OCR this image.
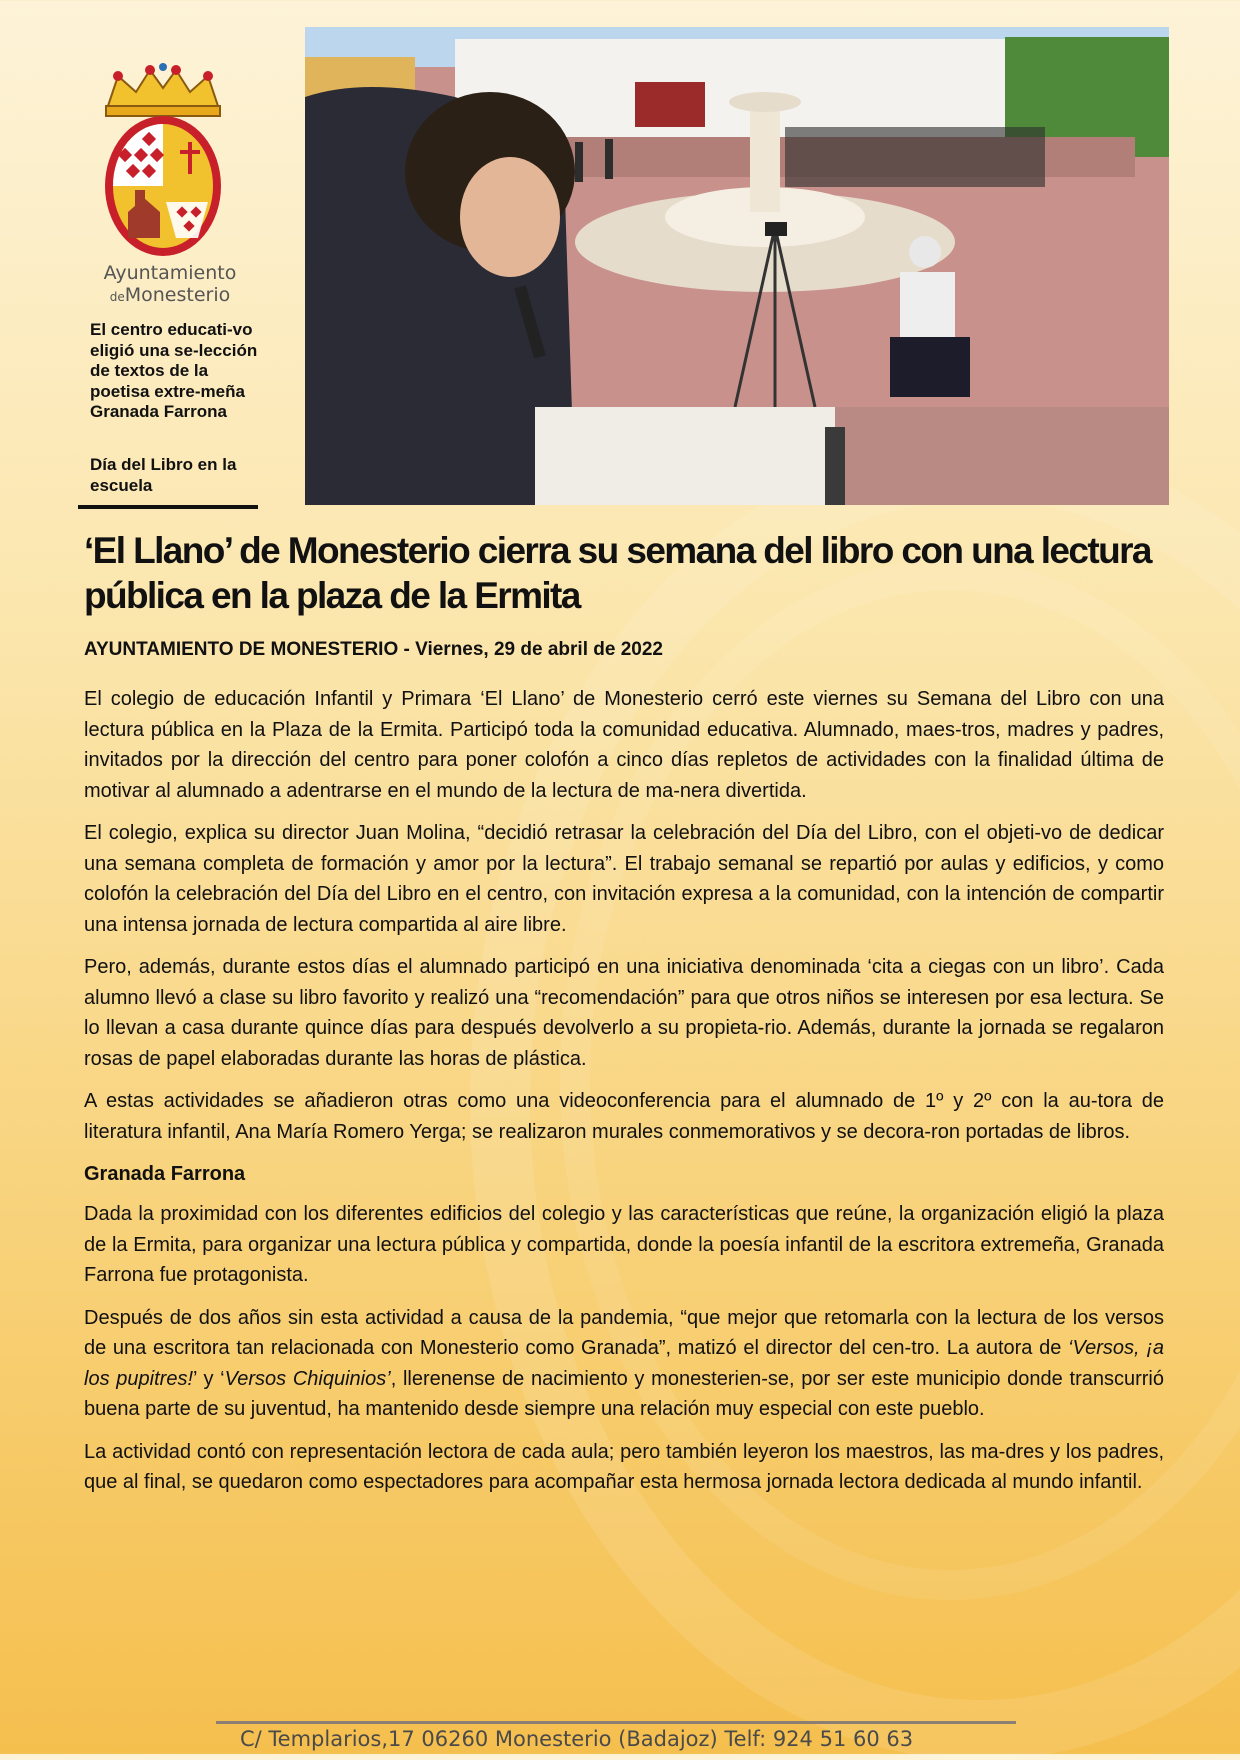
Ayuntamiento
deMonesterio
El centro educati-vo eligió una se-lección de textos de la poetisa extre-meña Granada Farrona
Día del Libro en la escuela
‘El Llano’ de Monesterio cierra su semana del libro con una lectura pública en la plaza de la Ermita
AYUNTAMIENTO DE MONESTERIO - Viernes, 29 de abril de 2022

El colegio de educación Infantil y Primara ‘El Llano’ de Monesterio cerró este viernes su Semana del Libro con una lectura pública en la Plaza de la Ermita. Participó toda la comunidad educativa. Alumnado, maes-tros, madres y padres, invitados por la dirección del centro para poner colofón a cinco días repletos de actividades con la finalidad última de motivar al alumnado a adentrarse en el mundo de la lectura de ma-nera divertida.

El colegio, explica su director Juan Molina, “decidió retrasar la celebración del Día del Libro, con el objeti-vo de dedicar una semana completa de formación y amor por la lectura”. El trabajo semanal se repartió por aulas y edificios, y como colofón la celebración del Día del Libro en el centro, con invitación expresa a la comunidad, con la intención de compartir una intensa jornada de lectura compartida al aire libre.

Pero, además, durante estos días el alumnado participó en una iniciativa denominada ‘cita a ciegas con un libro’. Cada alumno llevó a clase su libro favorito y realizó una “recomendación” para que otros niños se interesen por esa lectura. Se lo llevan a casa durante quince días para después devolverlo a su propieta-rio. Además, durante la jornada se regalaron rosas de papel elaboradas durante las horas de plástica.

A estas actividades se añadieron otras como una videoconferencia para el alumnado de 1º y 2º con la au-tora de literatura infantil, Ana María Romero Yerga; se realizaron murales conmemorativos y se decora-ron portadas de libros.

Granada Farrona

Dada la proximidad con los diferentes edificios del colegio y las características que reúne, la organización eligió la plaza de la Ermita, para organizar una lectura pública y compartida, donde la poesía infantil de la escritora extremeña, Granada Farrona fue protagonista.

Después de dos años sin esta actividad a causa de la pandemia, “que mejor que retomarla con la lectura de los versos de una escritora tan relacionada con Monesterio como Granada”, matizó el director del cen-tro. La autora de ‘Versos, ¡a los pupitres!’ y ‘Versos Chiquinios’, llerenense de nacimiento y monesterien-se, por ser este municipio donde transcurrió buena parte de su juventud, ha mantenido desde siempre una relación muy especial con este pueblo.

La actividad contó con representación lectora de cada aula; pero también leyeron los maestros, las ma-dres y los padres, que al final, se quedaron como espectadores para acompañar esta hermosa jornada lectora dedicada al mundo infantil.

C/ Templarios,17 06260 Monesterio (Badajoz) Telf: 924 51 60 63
